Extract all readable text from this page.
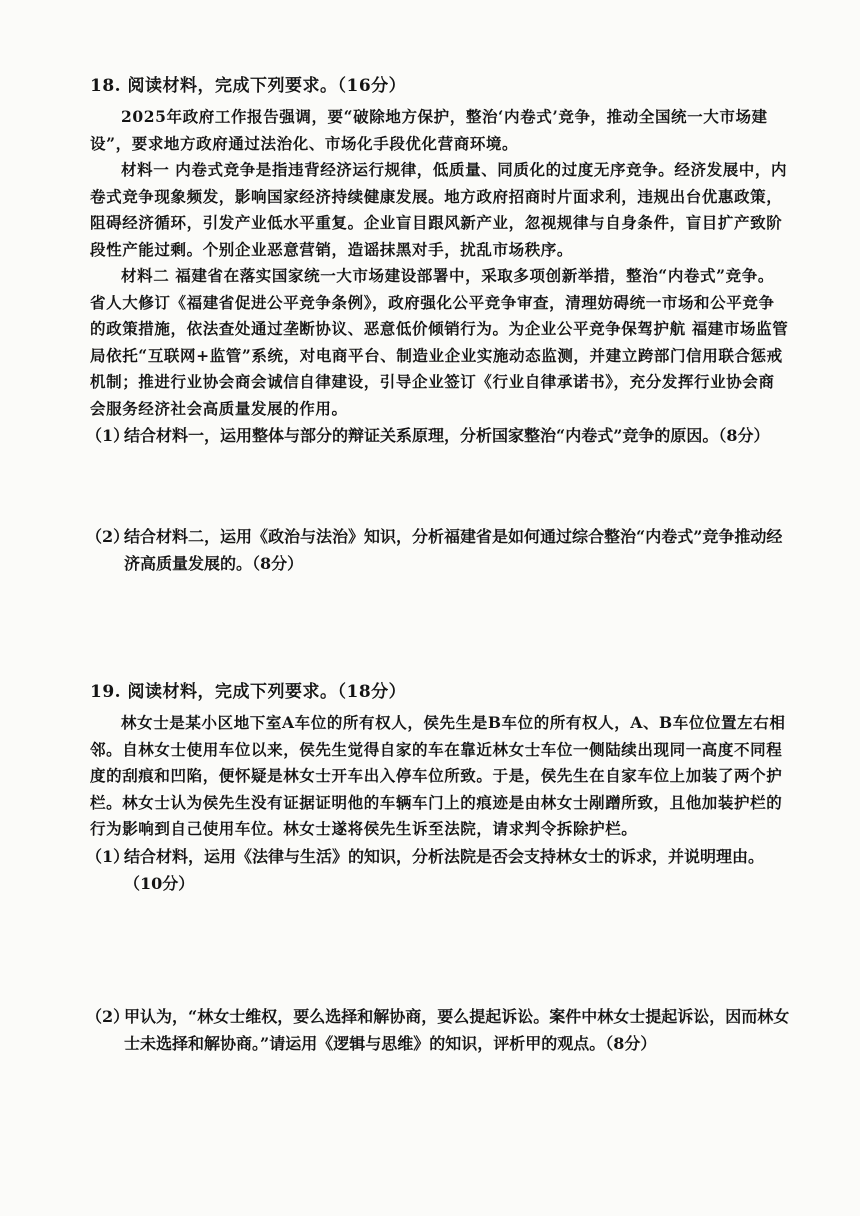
18. 阅读材料，完成下列要求。（16分）

2025年政府工作报告强调，要“破除地方保护，整治‘内卷式’竞争，推动全国统一大市场建设”，要求地方政府通过法治化、市场化手段优化营商环境。

材料一 内卷式竞争是指违背经济运行规律，低质量、同质化的过度无序竞争。经济发展中，内卷式竞争现象频发，影响国家经济持续健康发展。地方政府招商时片面求利，违规出台优惠政策，阻碍经济循环，引发产业低水平重复。企业盲目跟风新产业，忽视规律与自身条件，盲目扩产致阶段性产能过剩。个别企业恶意营销，造谣抹黑对手，扰乱市场秩序。

材料二 福建省在落实国家统一大市场建设部署中，采取多项创新举措，整治“内卷式”竞争。省人大修订《福建省促进公平竞争条例》，政府强化公平竞争审查，清理妨碍统一市场和公平竞争的政策措施，依法查处通过垄断协议、恶意低价倾销行为。为企业公平竞争保驾护航 福建市场监管局依托“互联网+监管”系统，对电商平台、制造业企业实施动态监测，并建立跨部门信用联合惩戒机制；推进行业协会商会诚信自律建设，引导企业签订《行业自律承诺书》，充分发挥行业协会商会服务经济社会高质量发展的作用。

（1）
结合材料一，运用整体与部分的辩证关系原理，分析国家整治“内卷式”竞争的原因。（8分）

（2）
结合材料二，运用《政治与法治》知识，分析福建省是如何通过综合整治“内卷式”竞争推动经济高质量发展的。（8分）

19. 阅读材料，完成下列要求。（18分）

林女士是某小区地下室A车位的所有权人，侯先生是B车位的所有权人，A、B车位位置左右相邻。自林女士使用车位以来，侯先生觉得自家的车在靠近林女士车位一侧陆续出现同一高度不同程度的刮痕和凹陷，便怀疑是林女士开车出入停车位所致。于是，侯先生在自家车位上加装了两个护栏。林女士认为侯先生没有证据证明他的车辆车门上的痕迹是由林女士剐蹭所致，且他加装护栏的行为影响到自己使用车位。林女士遂将侯先生诉至法院，请求判令拆除护栏。

（1）
结合材料，运用《法律与生活》的知识，分析法院是否会支持林女士的诉求，并说明理由。（10分）

（2）
甲认为，“林女士维权，要么选择和解协商，要么提起诉讼。案件中林女士提起诉讼，因而林女士未选择和解协商。”请运用《逻辑与思维》的知识，评析甲的观点。（8分）
